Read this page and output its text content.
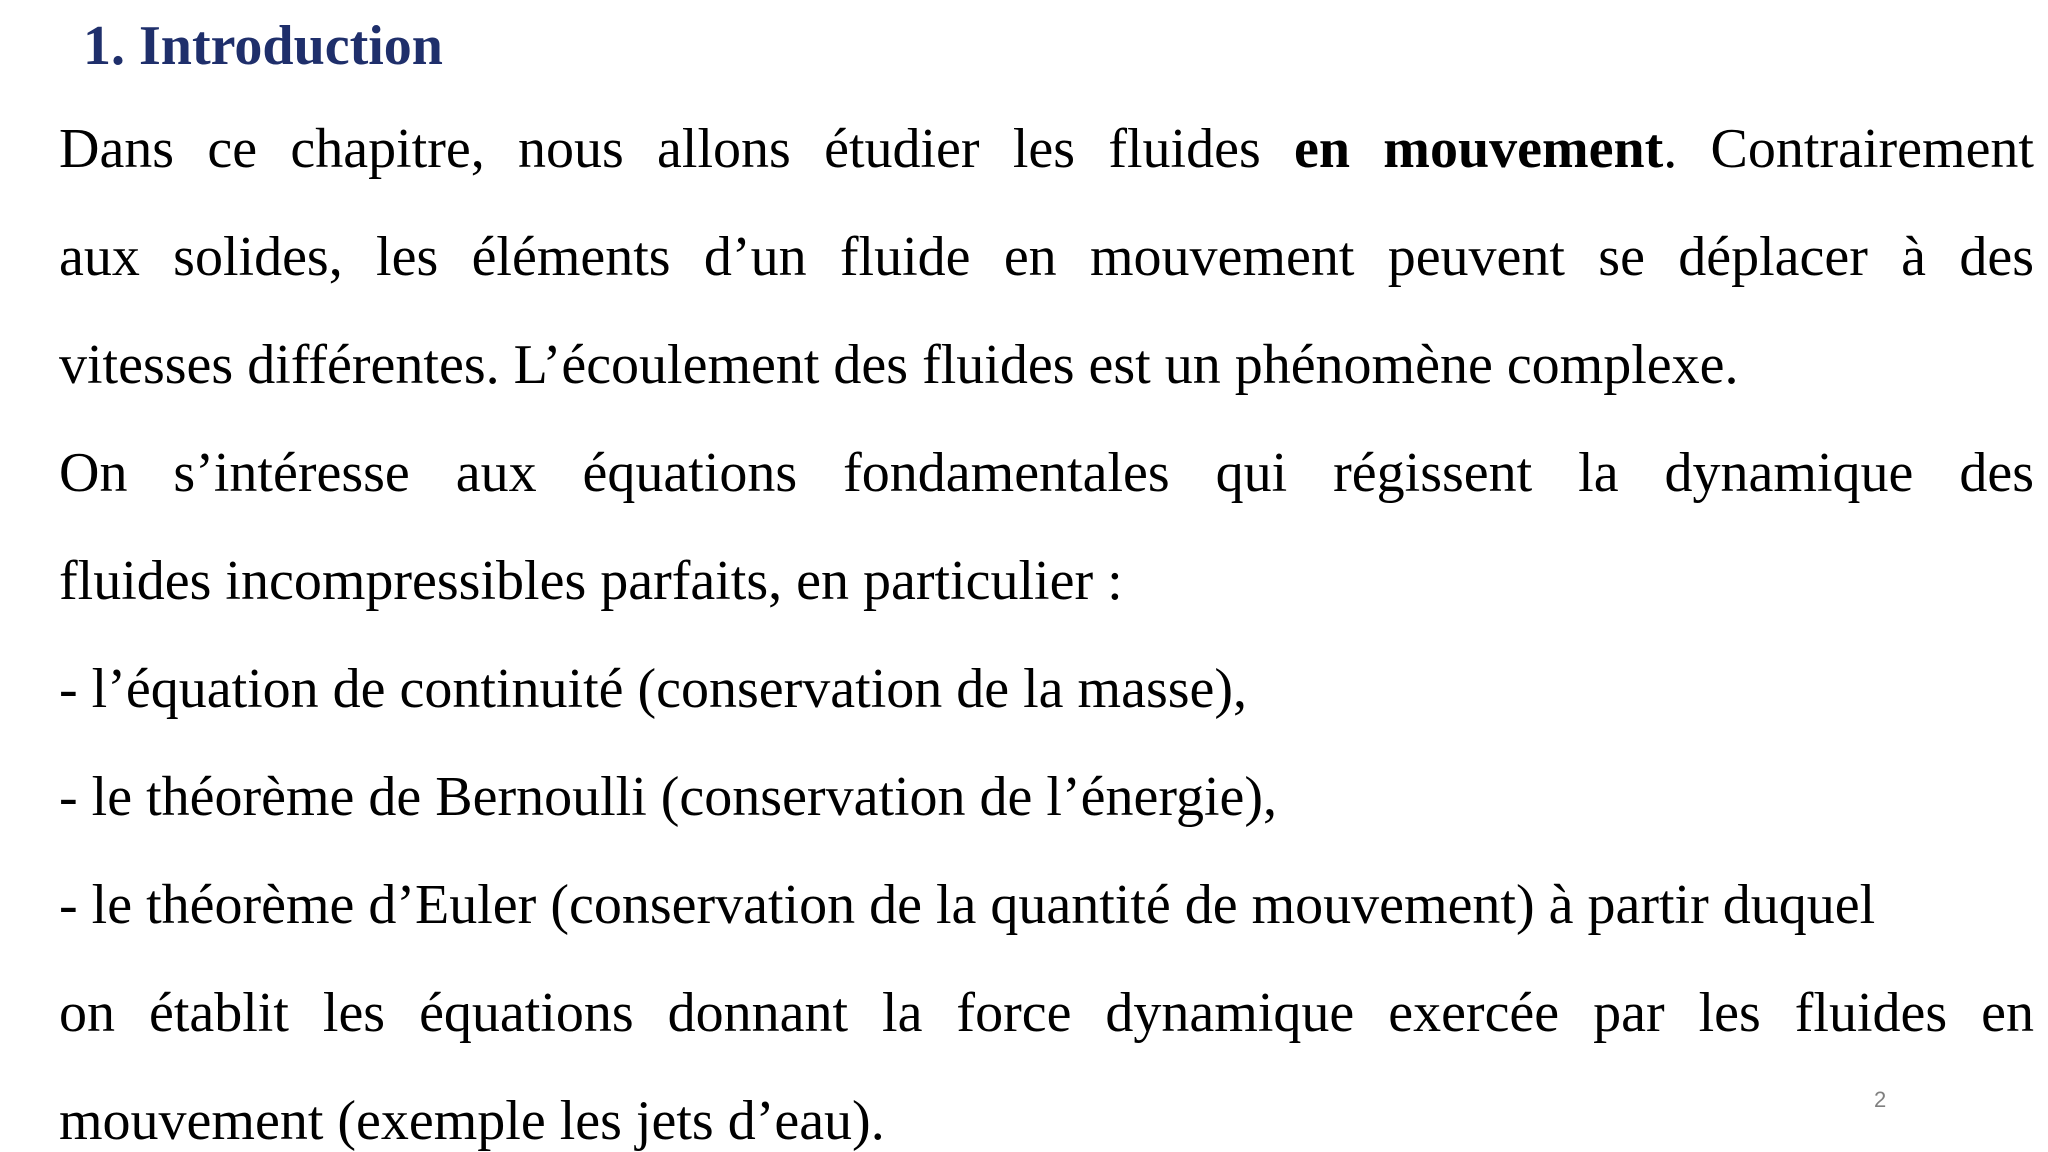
1. Introduction
Dans ce chapitre, nous allons étudier les fluides en mouvement. Contrairement
aux solides, les éléments d’un fluide en mouvement peuvent se déplacer à des
vitesses différentes. L’écoulement des fluides est un phénomène complexe.
On s’intéresse aux équations fondamentales qui régissent la dynamique des
fluides incompressibles parfaits, en particulier :
- l’équation de continuité (conservation de la masse),
- le théorème de Bernoulli (conservation de l’énergie),
- le théorème d’Euler (conservation de la quantité de mouvement) à partir duquel
on établit les équations donnant la force dynamique exercée par les fluides en
mouvement (exemple les jets d’eau).	2
